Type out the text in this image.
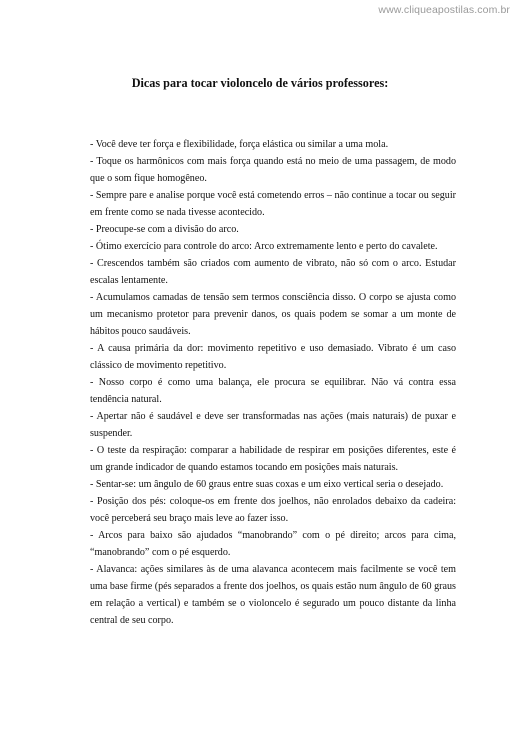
www.cliqueapostilas.com.br
Dicas para tocar violoncelo de vários professores:
- Você deve ter força e flexibilidade, força elástica ou similar a uma mola.
- Toque os harmônicos com mais força quando está no meio de uma passagem, de modo que o som fique homogêneo.
- Sempre pare e analise porque você está cometendo erros – não continue a tocar ou seguir em frente como se nada tivesse acontecido.
- Preocupe-se com a divisão do arco.
- Ótimo exercício para controle do arco: Arco extremamente lento e perto do cavalete.
- Crescendos também são criados com aumento de vibrato, não só com o arco. Estudar escalas lentamente.
- Acumulamos camadas de tensão sem termos consciência disso. O corpo se ajusta como um mecanismo protetor para prevenir danos, os quais podem se somar a um monte de hábitos pouco saudáveis.
- A causa primária da dor: movimento repetitivo e uso demasiado. Vibrato é um caso clássico de movimento repetitivo.
- Nosso corpo é como uma balança, ele procura se equilibrar. Não vá contra essa tendência natural.
- Apertar não é saudável e deve ser transformadas nas ações (mais naturais) de puxar e suspender.
- O teste da respiração: comparar a habilidade de respirar em posições diferentes, este é um grande indicador de quando estamos tocando em posições mais naturais.
- Sentar-se: um ângulo de 60 graus entre suas coxas e um eixo vertical seria o desejado.
- Posição dos pés: coloque-os em frente dos joelhos, não enrolados debaixo da cadeira: você perceberá seu braço mais leve ao fazer isso.
- Arcos para baixo são ajudados “manobrando” com o pé direito; arcos para cima, “manobrando” com o pé esquerdo.
- Alavanca: ações similares às de uma alavanca acontecem mais facilmente se você tem uma base firme (pés separados a frente dos joelhos, os quais estão num ângulo de 60 graus em relação a vertical) e também se o violoncelo é segurado um pouco distante da linha central de seu corpo.
